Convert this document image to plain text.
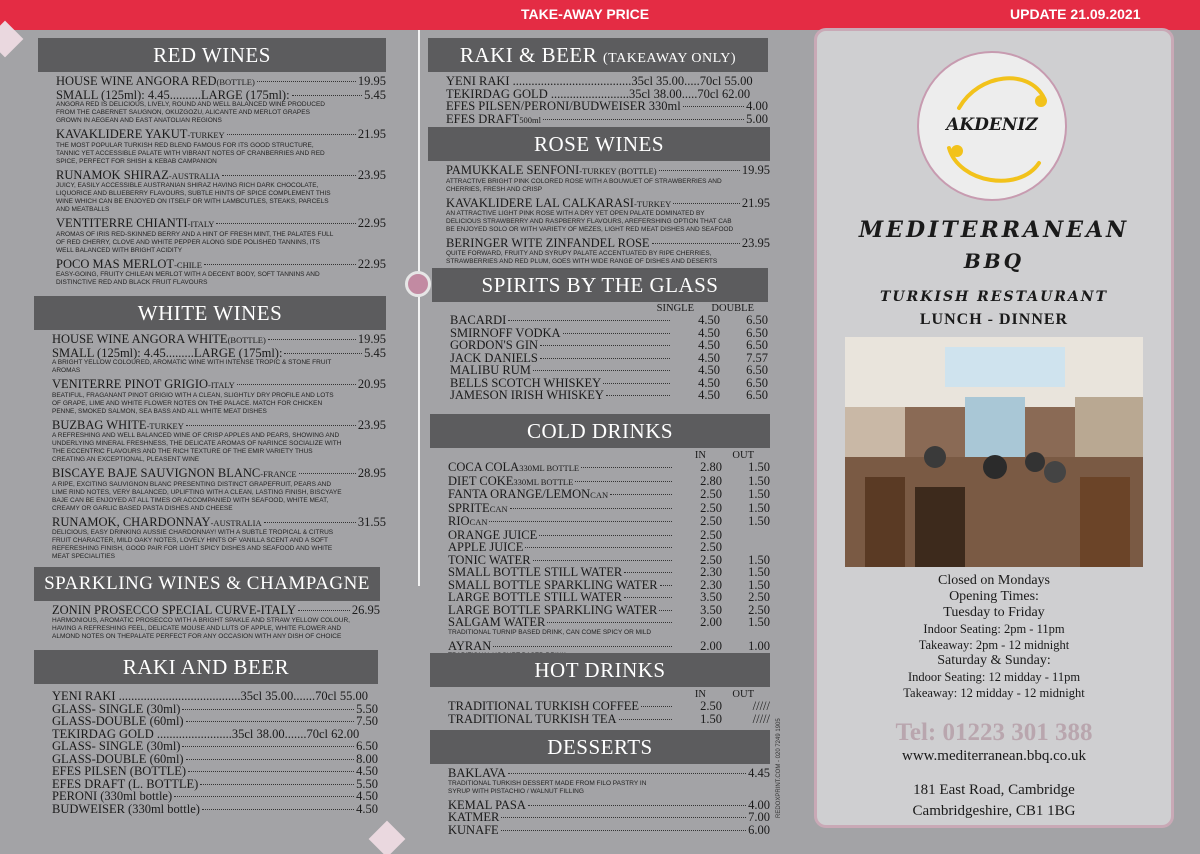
TAKE-AWAY PRICE	UPDATE 21.09.2021
RED WINES
HOUSE WINE ANGORA RED (BOTTLE)	19.95
SMALL (125ml): 4.45..........LARGE (175ml):	5.45
ANGORA RED IS DELICIOUS, LIVELY, ROUND AND WELL BALANCED WINE PRODUCED FROM THE CABERNET SAUGNON, OKUZGOZU, ALICANTE AND MERLOT GRAPES GROWN IN AEGEAN AND EAST ANATOLIAN REGIONS
KAVAKLIDERE YAKUT -TURKEY	21.95
THE MOST POPULAR TURKISH RED BLEND FAMOUS FOR ITS GOOD STRUCTURE, TANNIC YET ACCESSIBLE PALATE WITH VIBRANT NOTES OF CRANBERRIES AND RED SPICE, PERFECT FOR SHISH & KEBAB CAMPANION
RUNAMOK SHIRAZ -AUSTRALIA	23.95
JUICY, EASILY ACCESSIBLE AUSTRANIAN SHIRAZ HAVING RICH DARK CHOCOLATE, LIQUORICE AND BLUEBERRY FLAVOURS, SUBTLE HINTS OF SPICE COMPLEMENT THIS WINE WHICH CAN BE ENJOYED ON ITSELF OR WITH LAMBCUTLES, STEAKS, PARCELS AND MEATBALLS
VENTITERRE CHIANTI -ITALY	22.95
AROMAS OF IRIS RED-SKINNED BERRY AND A HINT OF FRESH MINT, THE PALATES FULL OF RED CHERRY, CLOVE AND WHITE PEPPER ALONG SIDE POLISHED TANNINS, ITS WELL BALANCED WITH BRIGHT ACIDITY
POCO MAS MERLOT -CHILE	22.95
EASY-GOING, FRUITY CHILEAN MERLOT WITH A DECENT BODY, SOFT TANNINS AND DISTINCTIVE RED AND BLACK FRUIT FLAVOURS
WHITE WINES
HOUSE WINE ANGORA WHITE (BOTTLE)	19.95
SMALL (125ml): 4.45.........LARGE (175ml):	5.45
A BRIGHT YELLOW COLOURED, AROMATIC WINE WITH INTENSE TROPIC & STONE FRUIT AROMAS
VENITERRE PINOT GRIGIO -ITALY	20.95
BEATIFUL, FRAGANANT PINOT GRIGIO WITH A CLEAN, SLIGHTLY DRY PROFILE AND LOTS OF GRAPE, LIME AND WHITE FLOWER NOTES ON THE PALACE. MATCH FOR CHICKEN PENNE, SMOKED SALMON, SEA BASS AND ALL WHITE MEAT DISHES
BUZBAG WHITE -TURKEY	23.95
A REFRESHING AND WELL BALANCED WINE OF CRISP APPLES AND PEARS, SHOWING AND UNDERLYING MINERAL FRESHNESS, THE DELICATE AROMAS OF NARINCE SOCIALIZE WITH THE ECCENTRIC FLAVOURS AND THE RICH TEXTURE OF THE EMIR VARIETY THUS CREATING AN EXCEPTIONAL, PLEASENT WINE
BISCAYE BAJE SAUVIGNON BLANC -FRANCE	28.95
A RIPE, EXCITING SAUVIGNON BLANC PRESENTING DISTINCT GRAPEFRUIT, PEARS AND LIME RIND NOTES, VERY BALANCED, UPLIFTING WITH A CLEAN, LASTING FINISH, BISCYAYE BAJE CAN BE ENJOYED AT ALL TIMES OR ACCOMPANIED WITH SEAFOOD, WHITE MEAT, CREAMY OR GARLIC BASED PASTA DISHES AND CHEESE
RUNAMOK, CHARDONNAY -AUSTRALIA	31.55
DELICIOUS, EASY DRINKING AUSSIE CHARDONNAY! WITH A SUBTLE TROPICAL & CITRUS FRUIT CHARACTER, MILD OAKY NOTES, LOVELY HINTS OF VANILLA SCENT AND A SOFT REFERESHING FINISH, GOOD PAIR FOR LIGHT SPICY DISHES AND SEAFOOD AND WHITE MEAT SPECIALITIES
SPARKLING WINES & CHAMPAGNE
ZONIN PROSECCO SPECIAL CURVE-ITALY	26.95
HARMONIOUS, AROMATIC PROSECCO WITH A BRIGHT SPAKLE AND STRAW YELLOW COLOUR, HAVING A REFRESHING FEEL, DELICATE MOUSE AND LUTS OF APPLE, WHITE FLOWER AND ALMOND NOTES ON THEPALATE PERFECT FOR ANY OCCASION WITH ANY DISH OF CHOICE
RAKI AND BEER
YENI RAKI .......................................35cl 35.00.......70cl 55.00
GLASS- SINGLE (30ml)	5.50
GLASS-DOUBLE (60ml)	7.50
TEKIRDAG GOLD ........................35cl 38.00.......70cl 62.00
GLASS- SINGLE (30ml)	6.50
GLASS-DOUBLE (60ml)	8.00
EFES PILSEN (BOTTLE)	4.50
EFES DRAFT (L. BOTTLE)	5.50
PERONI (330ml bottle)	4.50
BUDWEISER (330ml bottle)	4.50
RAKI & BEER (TAKEAWAY ONLY)
YENI RAKI ......................................35cl 35.00.....70cl 55.00
TEKIRDAG GOLD .........................35cl 38.00.....70cl 62.00
EFES PILSEN/PERONI/BUDWEISER 330ml	4.00
EFES DRAFT 500ml	5.00
ROSE WINES
PAMUKKALE SENFONI -TURKEY (BOTTLE)	19.95
ATTRACTIVE BRIGHT PINK COLORED ROSE WITH A BOUWUET OF STRAWBERRIES AND CHERRIES, FRESH AND CRISP
KAVAKLIDERE LAL CALKARASI -TURKEY	21.95
AN ATTRACTIVE LIGHT PINK ROSE WITH A DRY YET OPEN PALATE DOMINATED BY DELICIOUS STRAWBERRY AND RASPBERRY FLAVOURS, AREFERSHING OPTION THAT CAB BE ENJOYED SOLO OR WITH VARIETY OF MEZES, LIGHT RED MEAT DISHES AND SEAFOOD
BERINGER WITE ZINFANDEL ROSE	23.95
QUITE FORWARD, FRUITY AND SYRUPY PALATE ACCENTUATED BY RIPE CHERRIES, STRAWBERRIES AND RED PLUM, GOES WITH WIDE RANGE OF DISHES AND DESERTS
SPIRITS BY THE GLASS
SINGLE	DOUBLE
BACARDI	4.50	6.50
SMIRNOFF VODKA	4.50	6.50
GORDON'S GIN	4.50	6.50
JACK DANIELS	4.50	7.57
MALIBU RUM	4.50	6.50
BELLS SCOTCH WHISKEY	4.50	6.50
JAMESON IRISH WHISKEY	4.50	6.50
COLD DRINKS
IN	OUT
COCA COLA 330ML BOTTLE	2.80	1.50
DIET COKE 330ML BOTTLE	2.80	1.50
FANTA ORANGE/LEMON CAN	2.50	1.50
SPRITE CAN	2.50	1.50
RIO CAN	2.50	1.50
ORANGE JUICE	2.50
APPLE JUICE	2.50
TONIC WATER	2.50	1.50
SMALL BOTTLE STILL WATER	2.30	1.50
SMALL BOTTLE SPARKLING WATER	2.30	1.50
LARGE BOTTLE STILL WATER	3.50	2.50
LARGE BOTTLE SPARKLING WATER	3.50	2.50
SALGAM WATER	2.00	1.50
TRADITIONAL TURNIP BASED DRINK, CAN COME SPICY OR MILD
AYRAN	2.00	1.00
HOT DRINKS
IN	OUT
TRADITIONAL TURKISH COFFEE	2.50	/////
TRADITIONAL TURKISH TEA	1.50	/////
DESSERTS
BAKLAVA	4.45
TRADITIONAL TURKISH DESSERT MADE FROM FILO PASTRY IN SYRUP WITH PISTACHIO / WALNUT FILLING
KEMAL PASA	4.00
KATMER	7.00
KUNAFE	6.00
REDOXPRINT.COM - 020 7249 1905
AKDENIZ
MEDITERRANEAN
BBQ
TURKISH RESTAURANT
LUNCH - DINNER
Closed on Mondays
Opening Times:
Tuesday to Friday
Indoor Seating: 2pm - 11pm
Takeaway: 2pm - 12 midnight
Saturday & Sunday:
Indoor Seating: 12 midday - 11pm
Takeaway: 12 midday - 12 midnight
Tel: 01223 301 388
www.mediterranean.bbq.co.uk
181 East Road, Cambridge
Cambridgeshire, CB1 1BG
